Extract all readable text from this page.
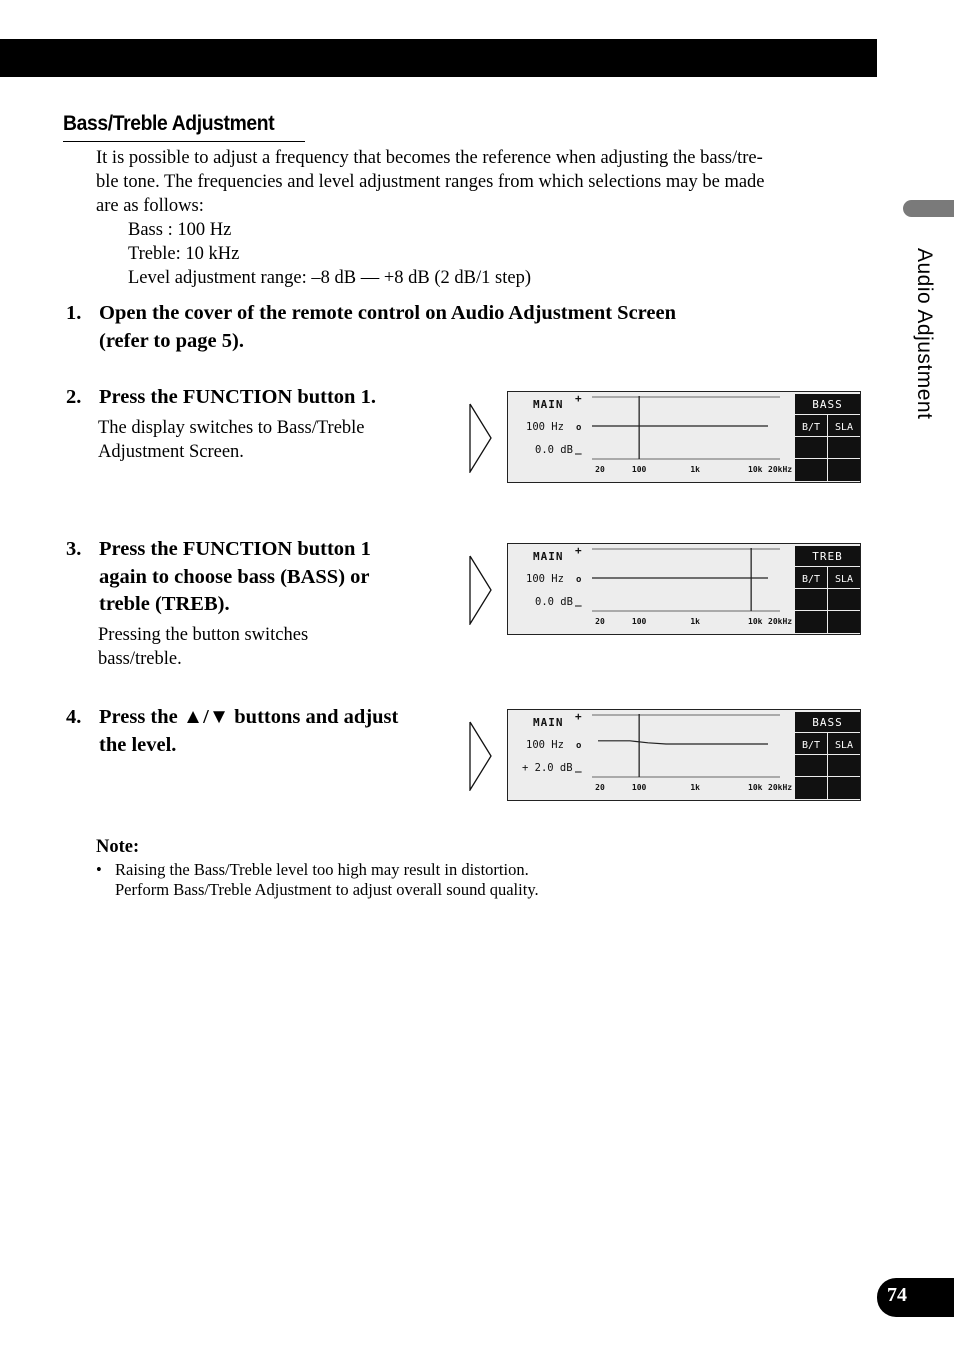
Audio Adjustment
Bass/Treble Adjustment
It is possible to adjust a frequency that becomes the reference when adjusting the bass/tre-
ble tone. The frequencies and level adjustment ranges from which selections may be made
are as follows:
Bass : 100 Hz
Treble: 10 kHz
Level adjustment range: –8 dB — +8 dB (2 dB/1 step)
1. Open the cover of the remote control on Audio Adjustment Screen
(refer to page 5).
2. Press the FUNCTION button 1.
The display switches to Bass/Treble
Adjustment Screen.
3. Press the FUNCTION button 1
again to choose bass (BASS) or
treble (TREB).
Pressing the button switches
bass/treble.
4. Press the ▲/▼ buttons and adjust
the level.
MAIN
100 Hz
0.0 dB
+
o
_
20	100	1k	10k 20kHz
BASS
B/T SLA
MAIN
100 Hz
0.0 dB
+
o
_
20	100	1k	10k 20kHz
TREB
B/T SLA
MAIN
100 Hz
+ 2.0 dB
+
o
_
20	100	1k	10k 20kHz
BASS
B/T SLA
Note:
• Raising the Bass/Treble level too high may result in distortion.
Perform Bass/Treble Adjustment to adjust overall sound quality.
74
